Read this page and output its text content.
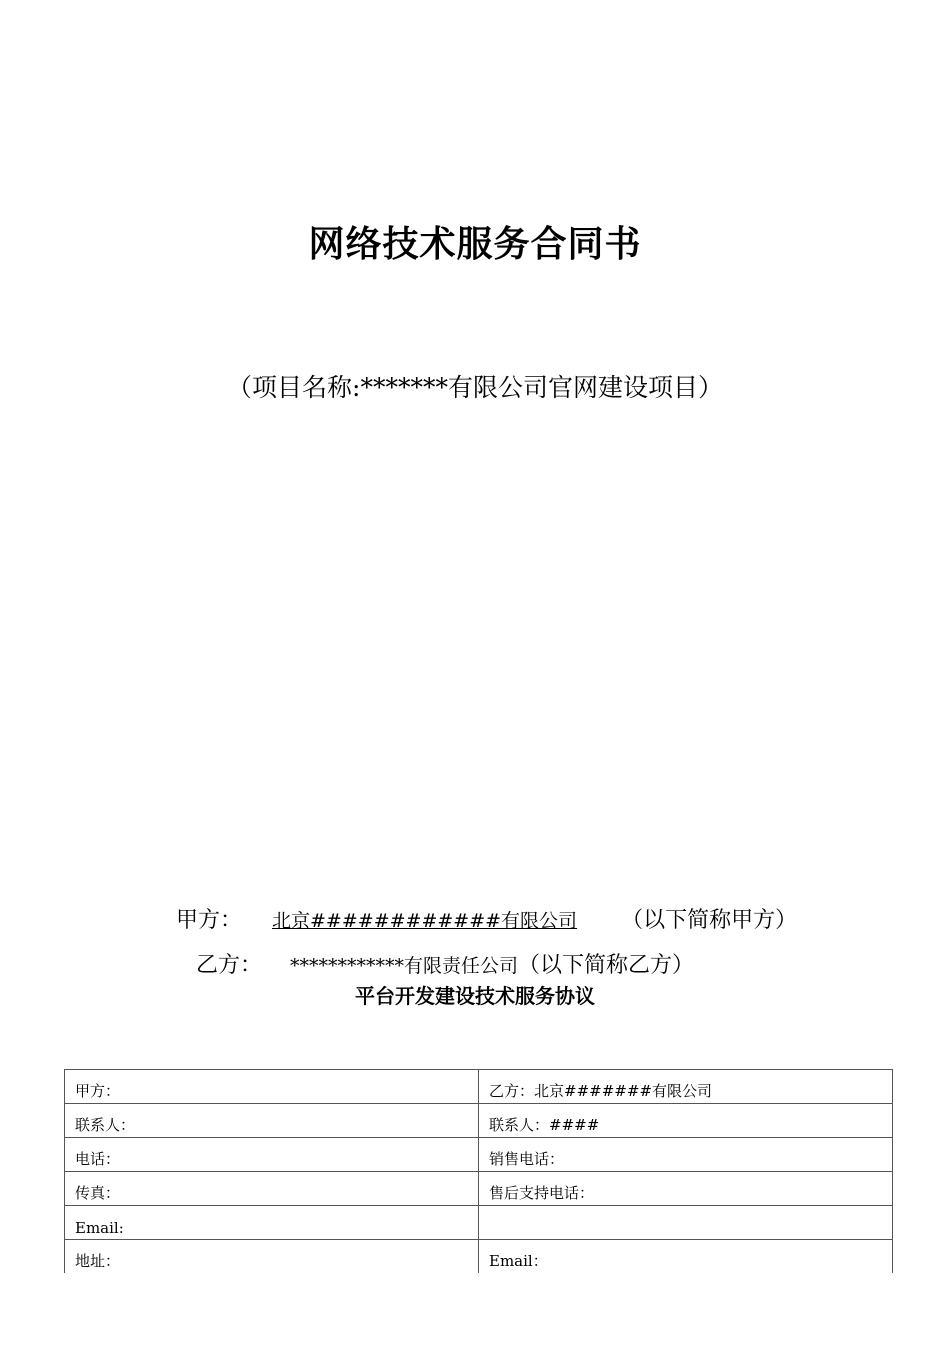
网络技术服务合同书
（项目名称:*******有限公司官网建设项目）
甲方： 北京############有限公司 （以下简称甲方）
乙方： ************有限责任公司（以下简称乙方）
平台开发建设技术服务协议
甲方：	乙方：北京#######有限公司
联系人：	联系人：####
电话：	销售电话：
传真：	售后支持电话：
Email:	
地址：	Email：
